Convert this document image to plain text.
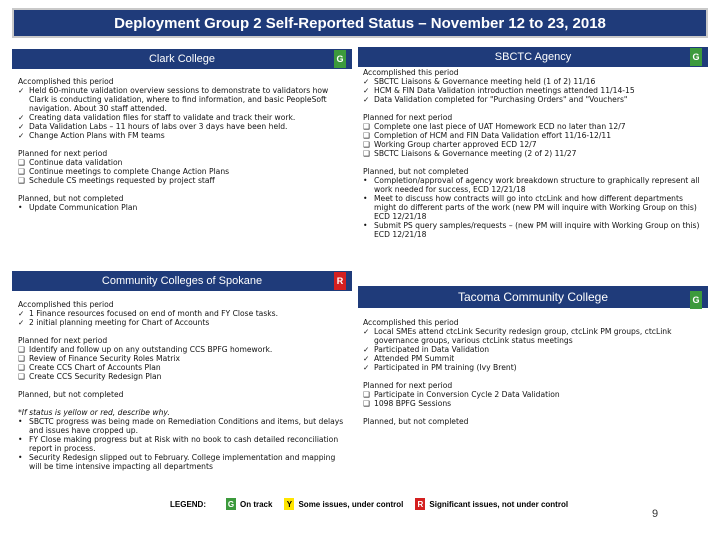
Deployment Group 2 Self-Reported Status – November 12 to 23, 2018
Clark College	G
Accomplished this period
✓ Held 60-minute validation overview sessions to demonstrate to validators how Clark is conducting validation, where to find information, and basic PeopleSoft navigation. About 30 staff attended.
✓ Creating data validation files for staff to validate and track their work.
✓ Data Validation Labs – 11 hours of labs over 3 days have been held.
✓ Change Action Plans with FM teams
Planned for next period
❑ Continue data validation
❑ Continue meetings to complete Change Action Plans
❑ Schedule CS meetings requested by project staff
Planned, but not completed
• Update Communication Plan
Community Colleges of Spokane	R
Accomplished this period
✓ 1 Finance resources focused on end of month and FY Close tasks.
✓ 2 initial planning meeting for Chart of Accounts
Planned for next period
❑ Identify and follow up on any outstanding CCS BPFG homework.
❑ Review of Finance Security Roles Matrix
❑ Create CCS Chart of Accounts Plan
❑ Create CCS Security Redesign Plan
Planned, but not completed
*If status is yellow or red, describe why.
• SBCTC progress was being made on Remediation Conditions and items, but delays and issues have cropped up.
• FY Close making progress but at Risk with no book to cash detailed reconciliation report in process.
• Security Redesign slipped out to February. College implementation and mapping will be time intensive impacting all departments
SBCTC Agency	G
Accomplished this period
✓ SBCTC Liaisons & Governance meeting held (1 of 2) 11/16
✓ HCM & FIN Data Validation introduction meetings attended 11/14-15
✓ Data Validation completed for "Purchasing Orders" and "Vouchers"
Planned for next period
❑ Complete one last piece of UAT Homework ECD no later than 12/7
❑ Completion of HCM and FIN Data Validation effort 11/16-12/11
❑ Working Group charter approved ECD 12/7
❑ SBCTC Liaisons & Governance meeting (2 of 2) 11/27
Planned, but not completed
• Completion/approval of agency work breakdown structure to graphically represent all work needed for success, ECD 12/21/18
• Meet to discuss how contracts will go into ctcLink and how different departments might do different parts of the work (new PM will inquire with Working Group on this) ECD 12/21/18
• Submit PS query samples/requests – (new PM will inquire with Working Group on this) ECD 12/21/18
Tacoma Community College	G
Accomplished this period
✓ Local SMEs attend ctcLink Security redesign group, ctcLink PM groups, ctcLink governance groups, various ctcLink status meetings
✓ Participated in Data Validation
✓ Attended PM Summit
✓ Participated in PM training (Ivy Brent)
Planned for next period
❑ Participate in Conversion Cycle 2 Data Validation
❑ 1098 BPFG Sessions
Planned, but not completed
LEGEND:	G On track Y Some issues, under control R Significant issues, not under control
9
